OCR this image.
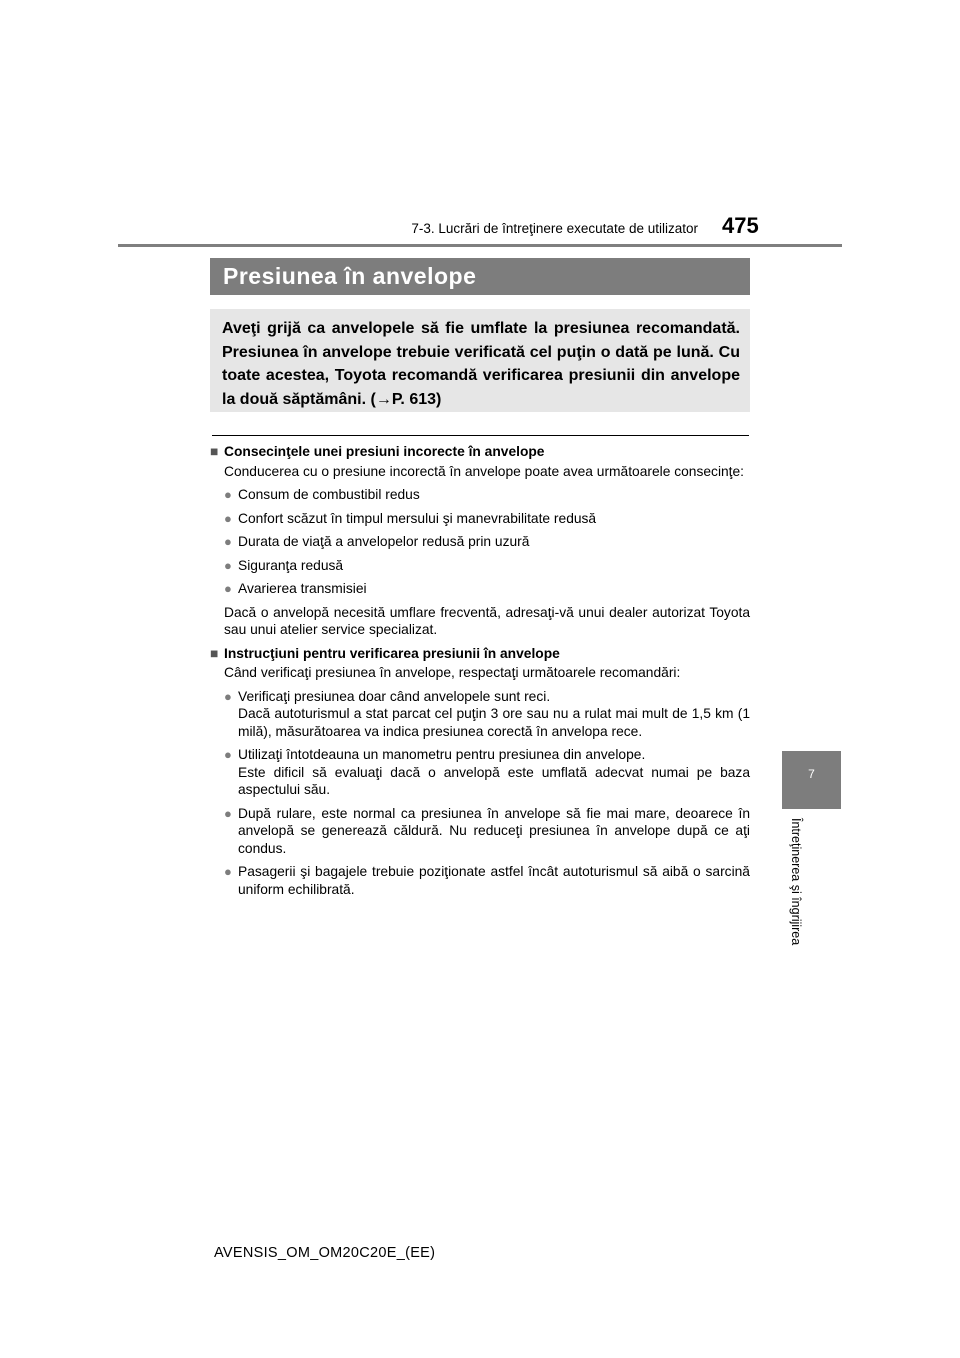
7-3. Lucrări de întreţinere executate de utilizator 475
7
Întreţinerea şi îngrijirea
Presiunea în anvelope
Aveţi grijă ca anvelopele să fie umflate la presiunea recomandată. Presiunea în anvelope trebuie verificată cel puţin o dată pe lună. Cu toate acestea, Toyota recomandă verificarea presiunii din anvelope la două săptămâni. (→P. 613)
■ Consecinţele unei presiuni incorecte în anvelope
Conducerea cu o presiune incorectă în anvelope poate avea următoarele consecinţe:
● Consum de combustibil redus
● Confort scăzut în timpul mersului şi manevrabilitate redusă
● Durata de viaţă a anvelopelor redusă prin uzură
● Siguranţa redusă
● Avarierea transmisiei
Dacă o anvelopă necesită umflare frecventă, adresaţi-vă unui dealer autorizat Toyota sau unui atelier service specializat.
■ Instrucţiuni pentru verificarea presiunii în anvelope
Când verificaţi presiunea în anvelope, respectaţi următoarele recomandări:
● Verificaţi presiunea doar când anvelopele sunt reci.
Dacă autoturismul a stat parcat cel puţin 3 ore sau nu a rulat mai mult de 1,5 km (1 milă), măsurătoarea va indica presiunea corectă în anvelopa rece.
● Utilizaţi întotdeauna un manometru pentru presiunea din anvelope.
Este dificil să evaluaţi dacă o anvelopă este umflată adecvat numai pe baza aspectului său.
● După rulare, este normal ca presiunea în anvelope să fie mai mare, deoarece în anvelopă se generează căldură. Nu reduceţi presiunea în anvelope după ce aţi condus.
● Pasagerii şi bagajele trebuie poziţionate astfel încât autoturismul să aibă o sarcină uniform echilibrată.
AVENSIS_OM_OM20C20E_(EE)
